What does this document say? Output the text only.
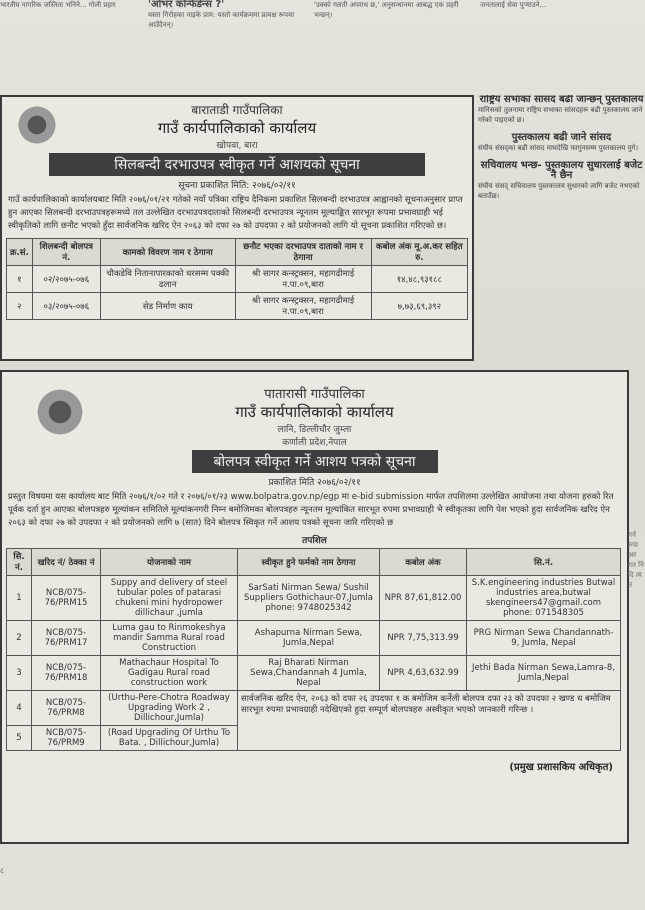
भारतीय नागरिक जस्तिता भनिने... गोली प्रहार	'ओभर कन्फिडेन्स ?'
यस्ता गिरोहका नाइके प्राय: यस्तो कार्यक्रममा प्रत्यक्ष रूपमा आउँदैनन्।
'उक्को गलती अपराध छ,' अनुसन्धानमा आबद्ध एक प्रहरी भन्छन्।
जनतालाई सेवा पुर्‍याउने...
बाराताडी गाउँपालिका
गाउँ कार्यपालिकाको कार्यालय
खोपवा, बारा
सिलबन्दी दरभाउपत्र स्वीकृत गर्ने आशयको सूचना
सूचना प्रकाशित मिति: २०७६/०२/११
गाउँ कार्यपालिकाको कार्यालयबाट मिति २०७६/०१/२१ गतेको नयाँ पत्रिका राष्ट्रिय दैनिकमा प्रकाशित सिलबन्दी दरभाउपत्र आह्वानको सूचनाअनुसार प्राप्त हुन आएका सिलबन्दी दरभाउपत्रहरूमध्ये तल उल्लेखित दरभाउपत्रदाताको सिलबन्दी दरभाउपत्र न्यूनतम मूल्याङ्कित सारभूत रूपमा प्रभावग्राही भई स्वीकृतिको लागि छनौट भएको हुँदा सार्वजनिक खरिद ऐन २०६३ को दफा २७ को उपदफा २ को प्रयोजनको लागि यो सूचना प्रकाशित गरिएको छ।
क्र.सं.	शिलबन्दी बोलपत्र नं.	कामको विवरण नाम र ठेगाना	छनौट भएका दरभाउपत्र दाताको नाम र ठेगाना	कबोल अंक मू.अ.कर सहित रु.
१	०२/२०७५-०७६	चौकडेवि नितानापारकाको धरसम्म पक्की ढलान	श्री सागर कन्स्ट्रक्सन, महागढीमाई न.पा.०९,बारा	१४,४८,९३१८८
२	०३/२०७५-०७६	सेड निर्माण काय	श्री सागर कन्स्ट्रक्सन, महागढीमाई न.पा.०९,बारा	७,७३,६९,३९२
राष्ट्रिय सभाका सांसद बढी जान्छन् पुस्तकालय
मानिसको तुलनामा राष्ट्रिय सभाका सांसदहरू बढी पुस्तकालय जाने गरेको पाइएको छ।
पुस्तकालय बढी जाने सांसद
संघीय संसद्का बढी सांसद माघदेखि फागुनसम्म पुस्तकालय पुगे।
सचिवालय भन्छ- पुस्तकालय सुधारलाई बजेट नै छैन
संघीय संसद् सचिवालय पुस्तकालय सुधारको लागि बजेट नभएको बताउँछ।
पातारासी गाउँपालिका
गाउँ कार्यपालिकाको कार्यालय
लानि, डिल्लीचौर जुम्ला
कर्णाली प्रदेश,नेपाल
बोलपत्र स्वीकृत गर्ने आशय पत्रको सूचना
प्रकाशित मिति २०७६/०२/११
प्रस्तुत विषयमा यस कार्यालय बाट मिति २०७६/१/०२ गते र २०७६/०१/२३ www.bolpatra.gov.np/egp मा e-bid submission मार्फत तपशिलमा उल्लेखित आयोजना तथा योजना हरुको रित पूर्वक दर्ता हुन आएका बोलपत्रहरु मूल्यांकन समितिले मूल्यांकनगरी निम्न बमोजिमका बोलपत्रहरु न्यूनतम मूल्यांकित सारभूत रुपमा प्रभावग्राही भै स्वीकृतका लागि पेश भएको हुदा सार्वजनिक खरिद ऐन २०६३ को दफा २७ को उपदफा २ को प्रयोजनको लागि ७ (सात) दिने बोलपत्र स्विकृत गर्ने आशय पत्रको सूचना जारि गरिएको छ
तपशिल
सि. नं.	खरिद नं/ ठेक्का नं	योजनाको नाम	स्वीकृत हुने फर्मको नाम ठेगाना	कबोल अंक	सि.नं.
1	NCB/075-76/PRM15	Suppy and delivery of steel tubular poles of patarasi chukeni mini hydropower dillichaur ,jumla	SarSati Nirman Sewa/ Sushil Suppliers Gothichaur-07,Jumla phone: 9748025342	NPR 87,61,812.00	S.K.engineering industries Butwal industries area,butwal skengineers47@gmail.com phone: 071548305
2	NCB/075-76/PRM17	Luma gau to Rinmokeshya mandir Samma Rural road Construction	Ashapurna Nirman Sewa, Jumla,Nepal	NPR 7,75,313.99	PRG Nirman Sewa Chandannath-9, Jumla, Nepal
3	NCB/075-76/PRM18	Mathachaur Hospital To Gadigau Rural road construction work	Raj Bharati Nirman Sewa,Chandannah 4 Jumla, Nepal	NPR 4,63,632.99	Jethi Bada Nirman Sewa,Lamra-8, Jumla,Nepal
4	NCB/075-76/PRM8	(Urthu-Pere-Chotra Roadway Upgrading Work 2 , Dillichour,Jumla)	सार्वजनिक खरिद ऐन, २०६३ को दफा २६ उपदफा १ क बमोजिम कर्नेली बोलपत्र दफा २३ को उपदफा २ खण्ड ध बमोजिम सारभूत रुपमा प्रभावग्राही नदेखिएको हुदा सम्पूर्ण बोलपत्रहरु अस्वीकृत भएको जानकारी गरिन्छ ।		
5	NCB/075-76/PRM9	(Road Upgrading Of Urthu To Bata. , Dillichour,Jumla)			
(प्रमुख प्रशासकिय अधिकृत)
गर्न रुपा अर गत नि दि त्य त
८
